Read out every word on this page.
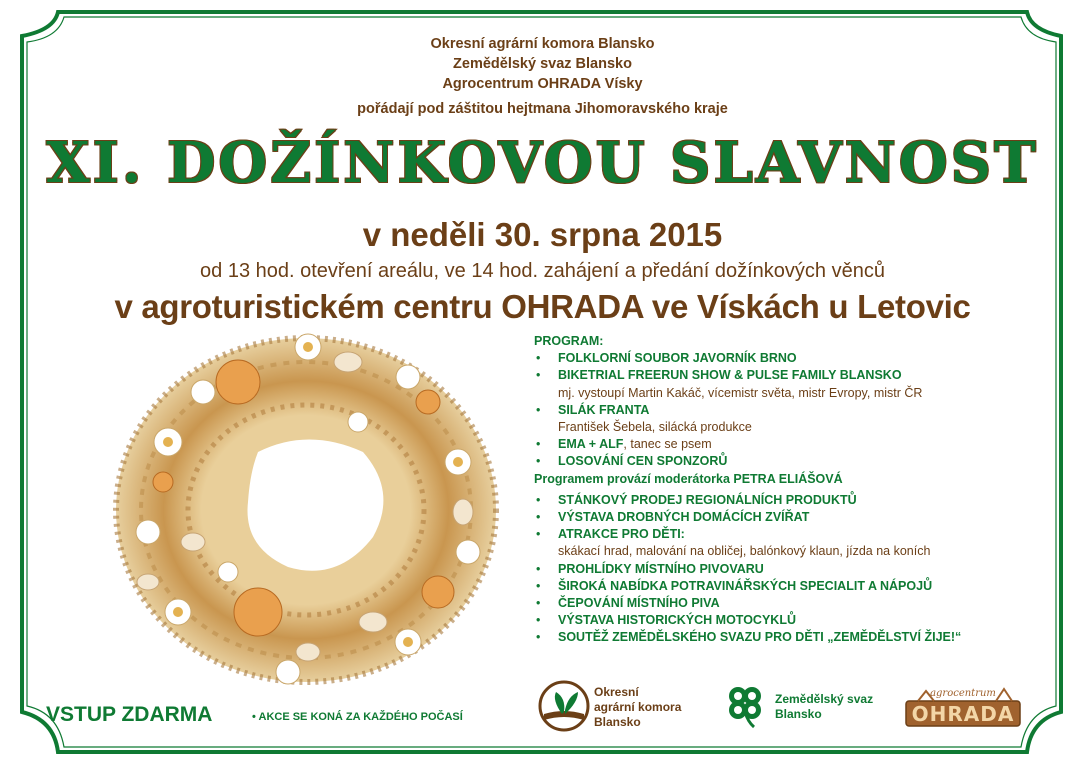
Okresní agrární komora Blansko
Zemědělský svaz Blansko
Agrocentrum OHRADA Vísky
pořádají pod záštitou hejtmana Jihomoravského kraje
XI. DOŽÍNKOVOU SLAVNOST
v neděli 30. srpna 2015
od 13 hod. otevření areálu, ve 14 hod. zahájení a předání dožínkových věnců
v agroturistickém centru OHRADA ve Vískách u Letovic
PROGRAM:
• FOLKLORNÍ SOUBOR JAVORNÍK BRNO
• BIKETRIAL FREERUN SHOW & PULSE FAMILY BLANSKO
mj. vystoupí Martin Kakáč, vícemistr světa, mistr Evropy, mistr ČR
• SILÁK FRANTA
František Šebela, silácká produkce
• EMA + ALF, tanec se psem
• LOSOVÁNÍ CEN SPONZORŮ
Programem provází moderátorka PETRA ELIÁŠOVÁ
• STÁNKOVÝ PRODEJ REGIONÁLNÍCH PRODUKTŮ
• VÝSTAVA DROBNÝCH DOMÁCÍCH ZVÍŘAT
• ATRAKCE PRO DĚTI:
skákací hrad, malování na obličej, balónkový klaun, jízda na koních
• PROHLÍDKY MÍSTNÍHO PIVOVARU
• ŠIROKÁ NABÍDKA POTRAVINÁŘSKÝCH SPECIALIT A NÁPOJŮ
• ČEPOVÁNÍ MÍSTNÍHO PIVA
• VÝSTAVA HISTORICKÝCH MOTOCYKLŮ
• SOUTĚŽ ZEMĚDĚLSKÉHO SVAZU PRO DĚTI „ZEMĚDĚLSTVÍ ŽIJE!“
VSTUP ZDARMA	• AKCE SE KONÁ ZA KAŽDÉHO POČASÍ
Okresní
agrární komora
Blansko
Zemědělský svaz
Blansko
agrocentrum
OHRADA
